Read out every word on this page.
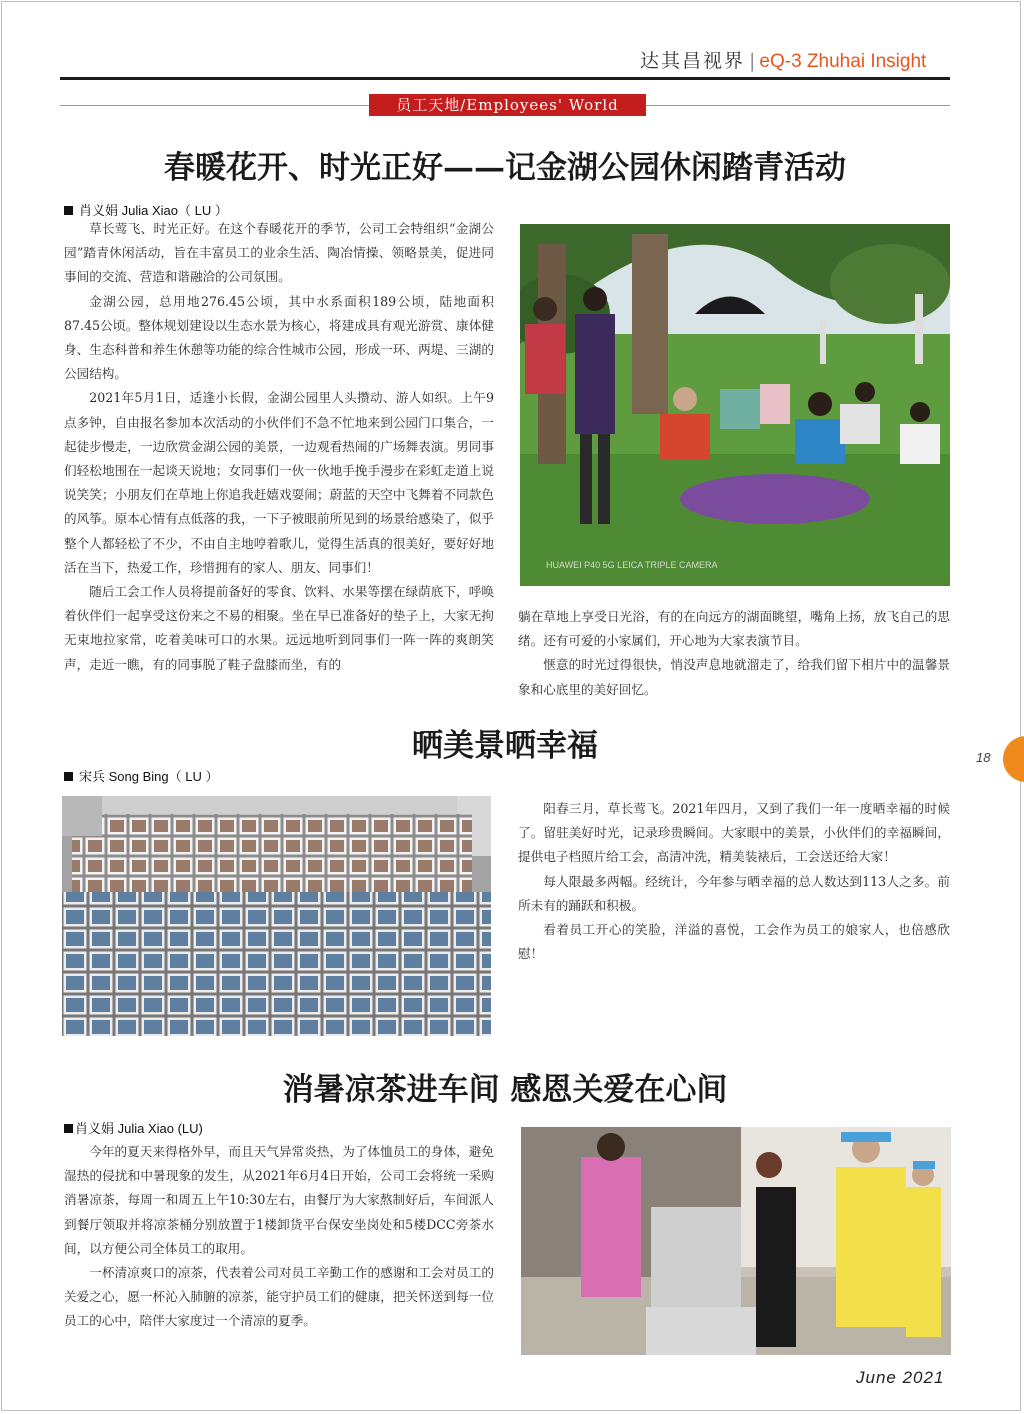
达其昌视界 | eQ-3 Zhuhai Insight
员工天地/Employees' World
春暖花开、时光正好——记金湖公园休闲踏青活动
肖义娟 Julia Xiao（ LU ）

草长莺飞、时光正好。在这个春暖花开的季节，公司工会特组织“金湖公园”踏青休闲活动，旨在丰富员工的业余生活、陶冶情操、领略景美，促进同事间的交流、营造和谐融洽的公司氛围。

金湖公园，总用地276.45公顷，其中水系面积189公顷，陆地面积87.45公顷。整体规划建设以生态水景为核心，将建成具有观光游赏、康体健身、生态科普和养生休憩等功能的综合性城市公园，形成一环、两堤、三湖的公园结构。

2021年5月1日，适逢小长假，金湖公园里人头攒动、游人如织。上午9点多钟，自由报名参加本次活动的小伙伴们不急不忙地来到公园门口集合，一起徒步慢走，一边欣赏金湖公园的美景，一边观看热闹的广场舞表演。男同事们轻松地围在一起谈天说地；女同事们一伙一伙地手挽手漫步在彩虹走道上说说笑笑；小朋友们在草地上你追我赶嬉戏耍闹；蔚蓝的天空中飞舞着不同款色的风筝。原本心情有点低落的我，一下子被眼前所见到的场景给感染了，似乎整个人都轻松了不少，不由自主地哼着歌儿，觉得生活真的很美好，要好好地活在当下，热爱工作，珍惜拥有的家人、朋友、同事们！

随后工会工作人员将提前备好的零食、饮料、水果等摆在绿荫底下，呼唤着伙伴们一起享受这份来之不易的相聚。坐在早已准备好的垫子上，大家无拘无束地拉家常，吃着美味可口的水果。远远地听到同事们一阵一阵的爽朗笑声，走近一瞧，有的同事脱了鞋子盘膝而坐，有的

HUAWEI P40 5G LEICA TRIPLE CAMERA

躺在草地上享受日光浴，有的在向远方的湖面眺望，嘴角上扬，放飞自己的思绪。还有可爱的小家属们，开心地为大家表演节目。

惬意的时光过得很快，悄没声息地就溜走了，给我们留下相片中的温馨景象和心底里的美好回忆。

18
晒美景晒幸福
宋兵 Song Bing（ LU ）

阳春三月，草长莺飞。2021年四月，又到了我们一年一度晒幸福的时候了。留驻美好时光，记录珍贵瞬间。大家眼中的美景，小伙伴们的幸福瞬间，提供电子档照片给工会，高清冲洗，精美装裱后，工会送还给大家！

每人限最多两幅。经统计，今年参与晒幸福的总人数达到113人之多。前所未有的踊跃和积极。

看着员工开心的笑脸，洋溢的喜悦，工会作为员工的娘家人，也倍感欣慰！

消暑凉茶进车间 感恩关爱在心间
肖义娟 Julia Xiao (LU)

今年的夏天来得格外早，而且天气异常炎热，为了体恤员工的身体，避免湿热的侵扰和中暑现象的发生，从2021年6月4日开始，公司工会将统一采购消暑凉茶，每周一和周五上午10:30左右，由餐厅为大家熬制好后，车间派人到餐厅领取并将凉茶桶分别放置于1楼卸货平台保安坐岗处和5楼DCC旁茶水间，以方便公司全体员工的取用。

一杯清凉爽口的凉茶，代表着公司对员工辛勤工作的感谢和工会对员工的关爱之心，愿一杯沁入肺腑的凉茶，能守护员工们的健康，把关怀送到每一位员工的心中，陪伴大家度过一个清凉的夏季。

June 2021
